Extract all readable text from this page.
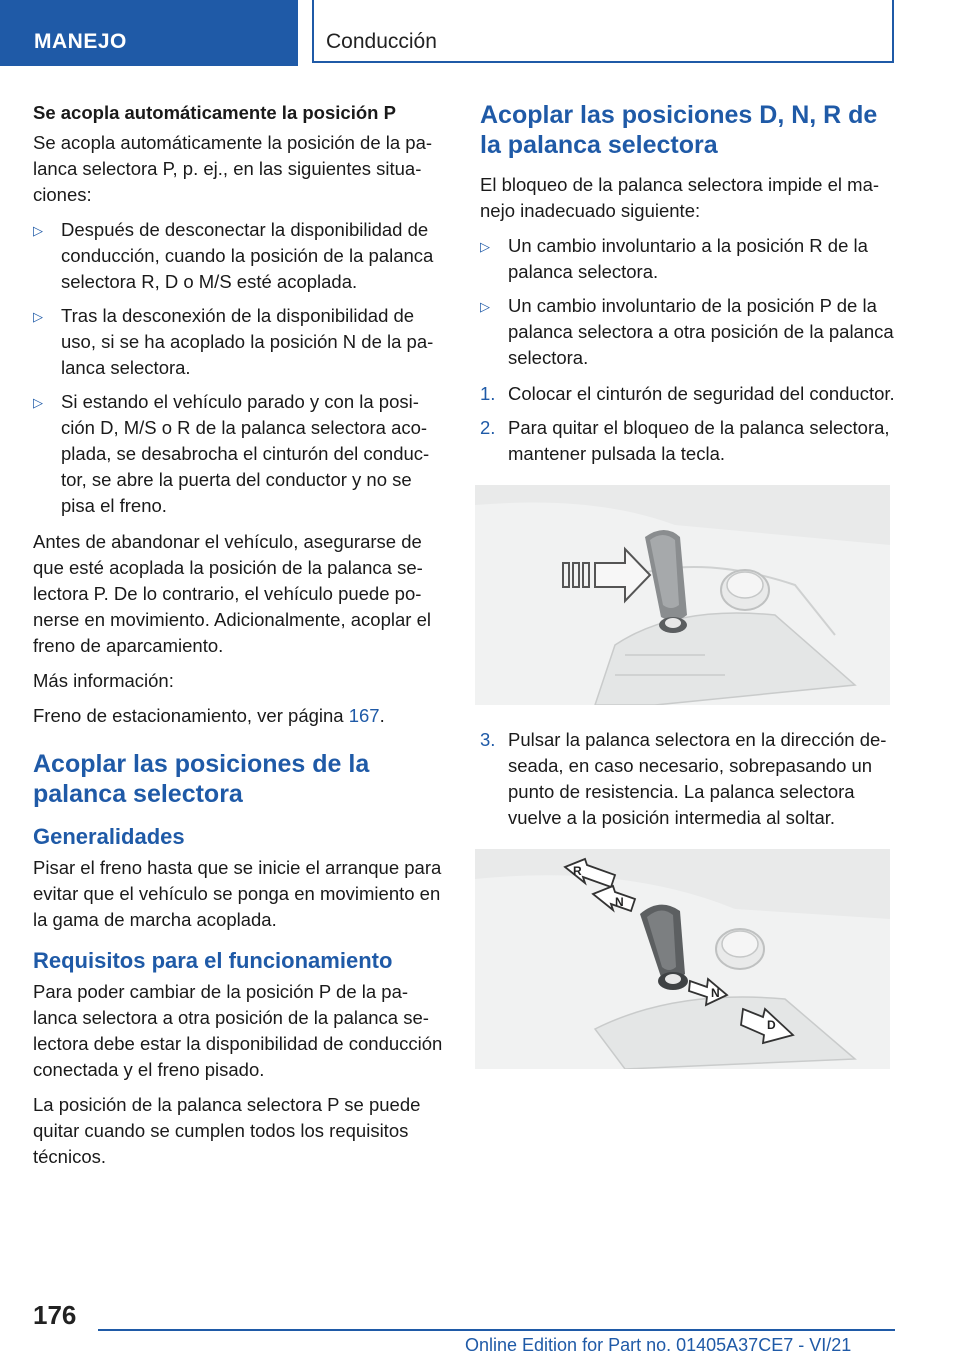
MANEJO	Conducción

Se acopla automáticamente la posición P

Se acopla automáticamente la posición de la palanca selectora P, p. ej., en las siguientes situaciones:

▷ Después de desconectar la disponibilidad de conducción, cuando la posición de la palanca selectora R, D o M/S esté acoplada.
▷ Tras la desconexión de la disponibilidad de uso, si se ha acoplado la posición N de la palanca selectora.
▷ Si estando el vehículo parado y con la posición D, M/S o R de la palanca selectora acoplada, se desabrocha el cinturón del conductor, se abre la puerta del conductor y no se pisa el freno.

Antes de abandonar el vehículo, asegurarse de que esté acoplada la posición de la palanca selectora P. De lo contrario, el vehículo puede ponerse en movimiento. Adicionalmente, acoplar el freno de aparcamiento.

Más información:

Freno de estacionamiento, ver página 167.

Acoplar las posiciones de la palanca selectora
Generalidades

Pisar el freno hasta que se inicie el arranque para evitar que el vehículo se ponga en movimiento en la gama de marcha acoplada.

Requisitos para el funcionamiento

Para poder cambiar de la posición P de la palanca selectora a otra posición de la palanca selectora debe estar la disponibilidad de conducción conectada y el freno pisado.

La posición de la palanca selectora P se puede quitar cuando se cumplen todos los requisitos técnicos.

Acoplar las posiciones D, N, R de la palanca selectora

El bloqueo de la palanca selectora impide el manejo inadecuado siguiente:

▷ Un cambio involuntario a la posición R de la palanca selectora.
▷ Un cambio involuntario de la posición P de la palanca selectora a otra posición de la palanca selectora.
1. Colocar el cinturón de seguridad del conductor.
2. Para quitar el bloqueo de la palanca selectora, mantener pulsada la tecla.
3. Pulsar la palanca selectora en la dirección deseada, en caso necesario, sobrepasando un punto de resistencia. La palanca selectora vuelve a la posición intermedia al soltar.
R
N
N
D
176
Online Edition for Part no. 01405A37CE7 - VI/21
